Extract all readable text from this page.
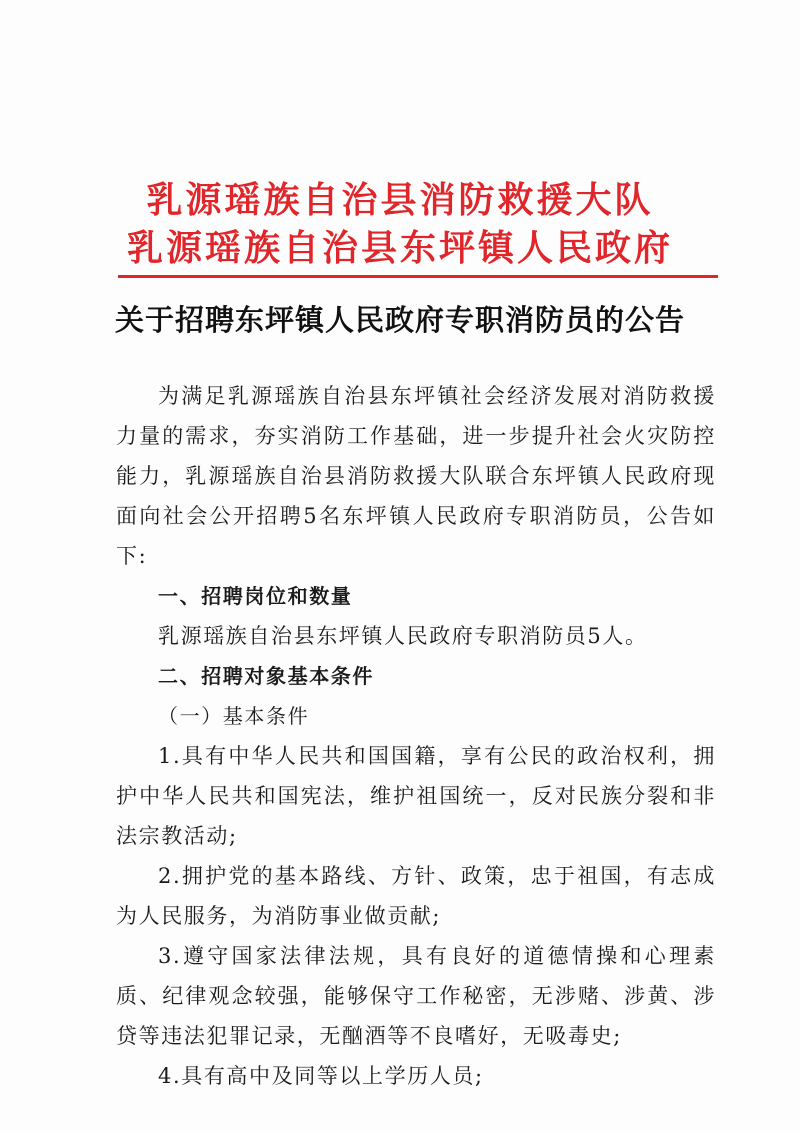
乳源瑶族自治县消防救援大队
乳源瑶族自治县东坪镇人民政府
关于招聘东坪镇人民政府专职消防员的公告

为满足乳源瑶族自治县东坪镇社会经济发展对消防救援力量的需求，夯实消防工作基础，进一步提升社会火灾防控能力，乳源瑶族自治县消防救援大队联合东坪镇人民政府现面向社会公开招聘5名东坪镇人民政府专职消防员，公告如下:

一、招聘岗位和数量

乳源瑶族自治县东坪镇人民政府专职消防员5人。

二、招聘对象基本条件

（一）基本条件

1.具有中华人民共和国国籍，享有公民的政治权利，拥护中华人民共和国宪法，维护祖国统一，反对民族分裂和非法宗教活动;

2.拥护党的基本路线、方针、政策，忠于祖国，有志成为人民服务，为消防事业做贡献;

3.遵守国家法律法规，具有良好的道德情操和心理素质、纪律观念较强，能够保守工作秘密，无涉赌、涉黄、涉贷等违法犯罪记录，无酗酒等不良嗜好，无吸毒史;

4.具有高中及同等以上学历人员;
